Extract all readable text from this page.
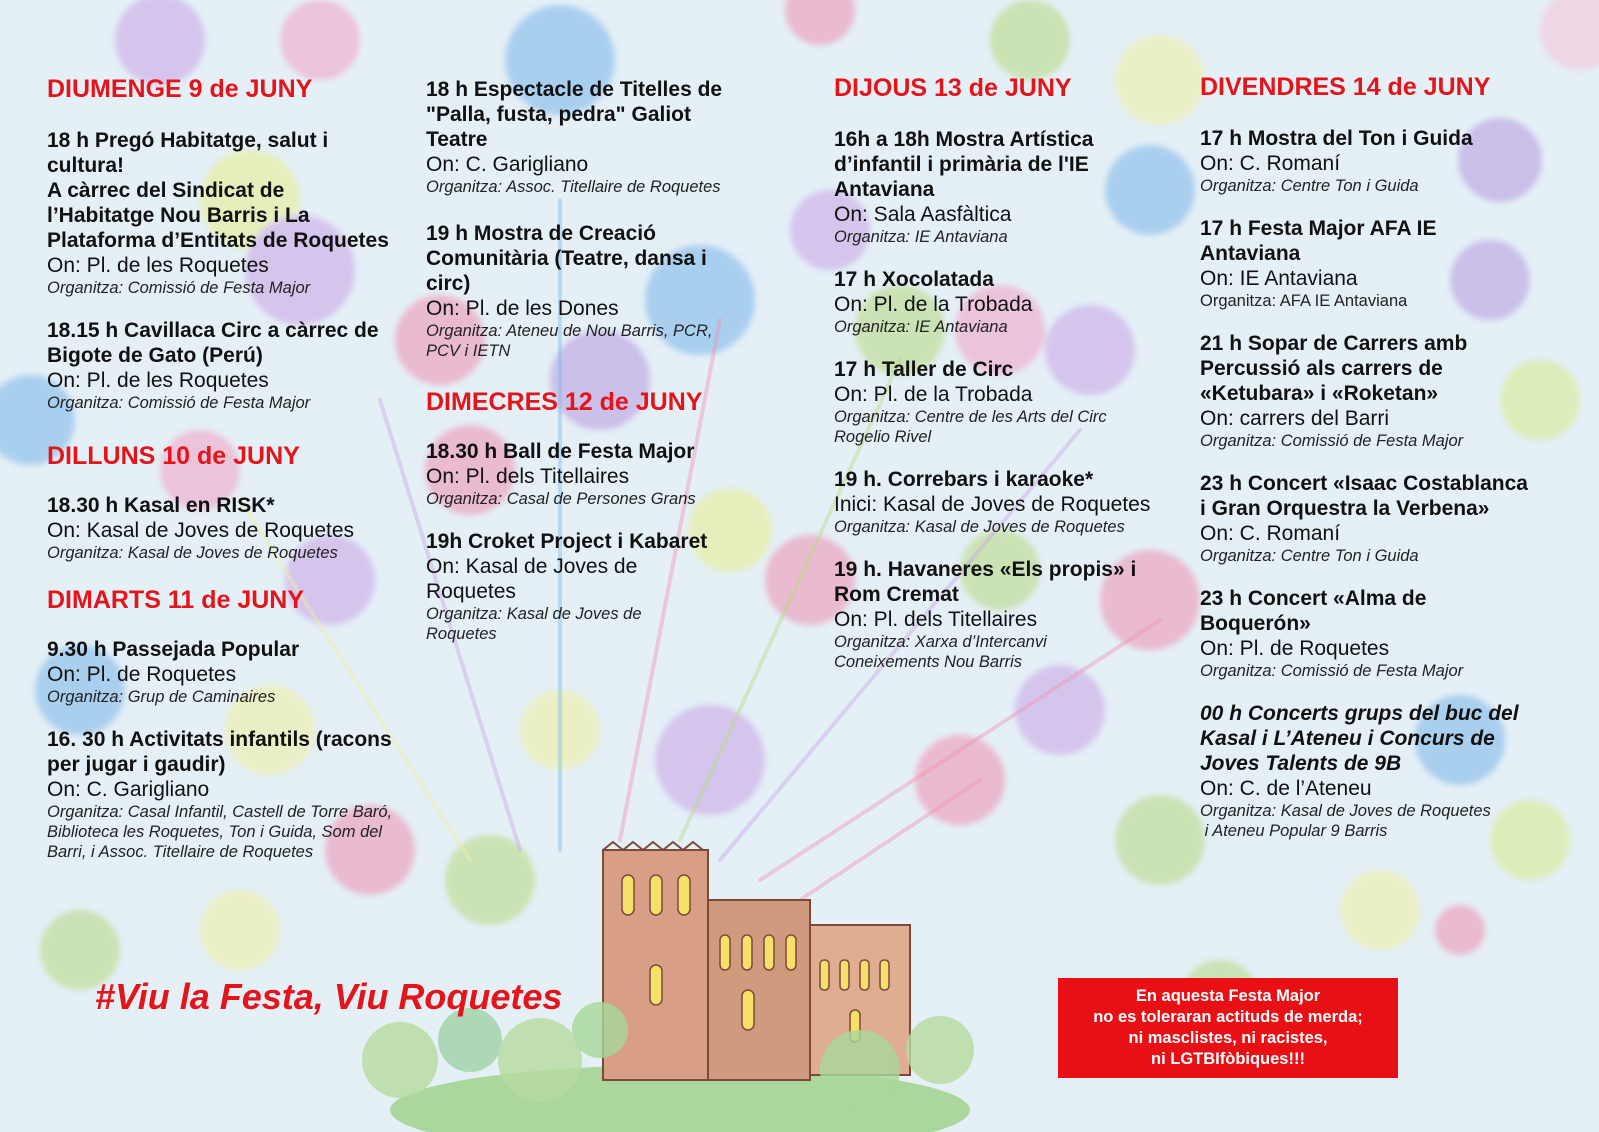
DIUMENGE 9 de JUNY
18 h Pregó Habitatge, salut i cultura!
A càrrec del Sindicat de l’Habitatge Nou Barris i La Plataforma d’Entitats de Roquetes
On: Pl. de les Roquetes
Organitza: Comissió de Festa Major
18.15 h Cavillaca Circ a càrrec de Bigote de Gato (Perú)
On: Pl. de les Roquetes
Organitza: Comissió de Festa Major
DILLUNS 10 de JUNY
18.30 h Kasal en RISK*
On: Kasal de Joves de Roquetes
Organitza: Kasal de Joves de Roquetes
DIMARTS 11 de JUNY
9.30 h Passejada Popular
On: Pl. de Roquetes
Organitza: Grup de Caminaires
16. 30 h Activitats infantils (racons per jugar i gaudir)
On: C. Garigliano
Organitza: Casal Infantil, Castell de Torre Baró, Biblioteca les Roquetes, Ton i Guida, Som del Barri, i Assoc. Titellaire de Roquetes
18 h Espectacle de Titelles de "Palla, fusta, pedra" Galiot Teatre
On: C. Garigliano
Organitza: Assoc. Titellaire de Roquetes
19 h Mostra de Creació Comunitària (Teatre, dansa i circ)
On: Pl. de les Dones
Organitza: Ateneu de Nou Barris, PCR, PCV i IETN
DIMECRES 12 de JUNY
18.30 h Ball de Festa Major
On: Pl. dels Titellaires
Organitza: Casal de Persones Grans
19h Croket Project i Kabaret
On: Kasal de Joves de Roquetes
Organitza: Kasal de Joves de Roquetes
DIJOUS 13 de JUNY
16h a 18h Mostra Artística d’infantil i primària de l'IE Antaviana
On: Sala Aasfàltica
Organitza: IE Antaviana
17 h Xocolatada
On: Pl. de la Trobada
Organitza: IE Antaviana
17 h Taller de Circ
On: Pl. de la Trobada
Organitza: Centre de les Arts del Circ Rogelio Rivel
19 h. Correbars i karaoke*
Inici: Kasal de Joves de Roquetes
Organitza: Kasal de Joves de Roquetes
19 h. Havaneres «Els propis» i Rom Cremat
On: Pl. dels Titellaires
Organitza: Xarxa d’Intercanvi Coneixements Nou Barris
DIVENDRES 14 de JUNY
17 h Mostra del Ton i Guida
On: C. Romaní
Organitza: Centre Ton i Guida
17 h Festa Major AFA IE Antaviana
On: IE Antaviana
Organitza: AFA IE Antaviana
21 h Sopar de Carrers amb Percussió als carrers de «Ketubara» i «Roketan»
On: carrers del Barri
Organitza: Comissió de Festa Major
23 h Concert «Isaac Costablanca i Gran Orquestra la Verbena»
On: C. Romaní
Organitza: Centre Ton i Guida
23 h Concert «Alma de Boquerón»
On: Pl. de Roquetes
Organitza: Comissió de Festa Major
00 h Concerts grups del buc del Kasal i L’Ateneu i Concurs de Joves Talents de 9B
On: C. de l’Ateneu
Organitza: Kasal de Joves de Roquetes
i Ateneu Popular 9 Barris
#Viu la Festa, Viu Roquetes	En aquesta Festa Major
no es toleraran actituds de merda;
ni masclistes, ni racistes,
ni LGTBIfòbiques!!!
